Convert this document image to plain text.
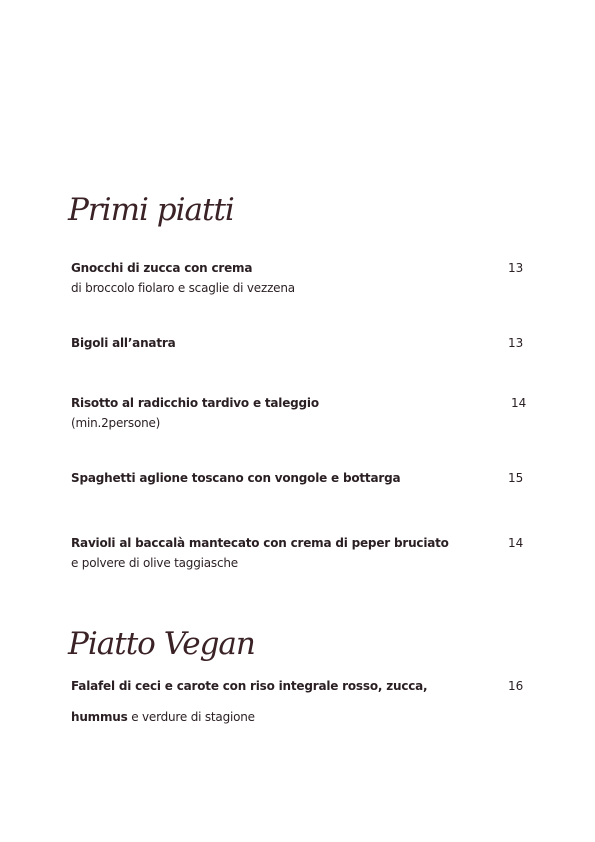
Primi piatti
Gnocchi di zucca con crema	13
di broccolo fiolaro e scaglie di vezzena
Bigoli all’anatra	13
Risotto al radicchio tardivo e taleggio	14
(min.2persone)
Spaghetti aglione toscano con vongole e bottarga	15
Ravioli al baccalà mantecato con crema di peper bruciato	14
e polvere di olive taggiasche
Piatto Vegan
Falafel di ceci e carote con riso integrale rosso, zucca,	16
hummus e verdure di stagione
